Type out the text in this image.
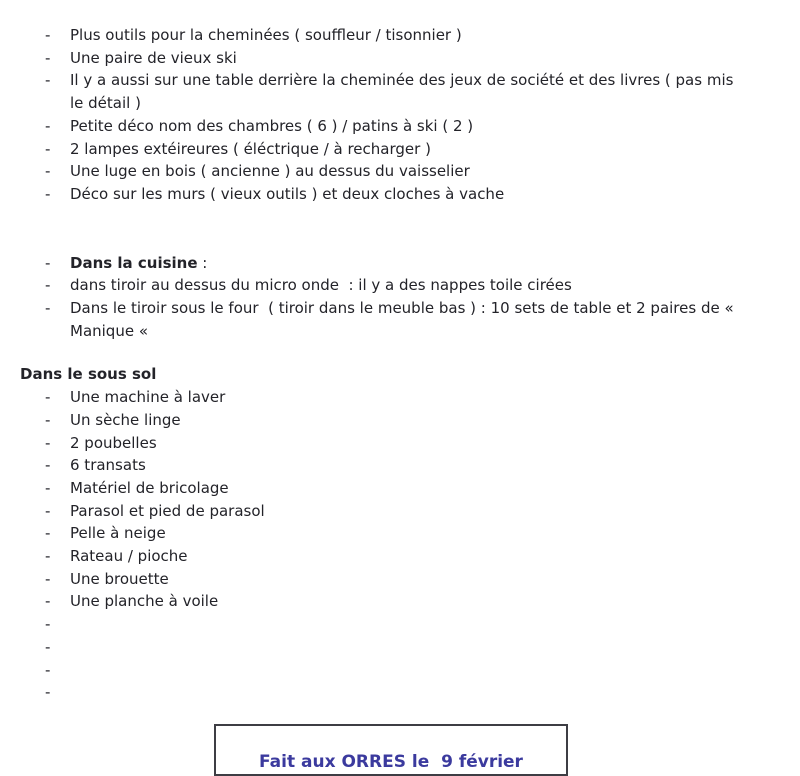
-	Plus outils pour la cheminées ( souffleur / tisonnier )
-	Une paire de vieux ski
-	Il y a aussi sur une table derrière la cheminée des jeux de société et des livres ( pas mis
le détail )
-	Petite déco nom des chambres ( 6 ) / patins à ski ( 2 )
-	2 lampes extéireures ( éléctrique / à recharger )
-	Une luge en bois ( ancienne ) au dessus du vaisselier
-	Déco sur les murs ( vieux outils ) et deux cloches à vache
-	Dans la cuisine :
-	dans tiroir au dessus du micro onde  : il y a des nappes toile cirées
-	Dans le tiroir sous le four  ( tiroir dans le meuble bas ) : 10 sets de table et 2 paires de «
Manique «
Dans le sous sol
-	Une machine à laver
-	Un sèche linge
-	2 poubelles
-	6 transats
-	Matériel de bricolage
-	Parasol et pied de parasol
-	Pelle à neige
-	Rateau / pioche
-	Une brouette
-	Une planche à voile
-
-
-
-
Fait aux ORRES le  9 février
